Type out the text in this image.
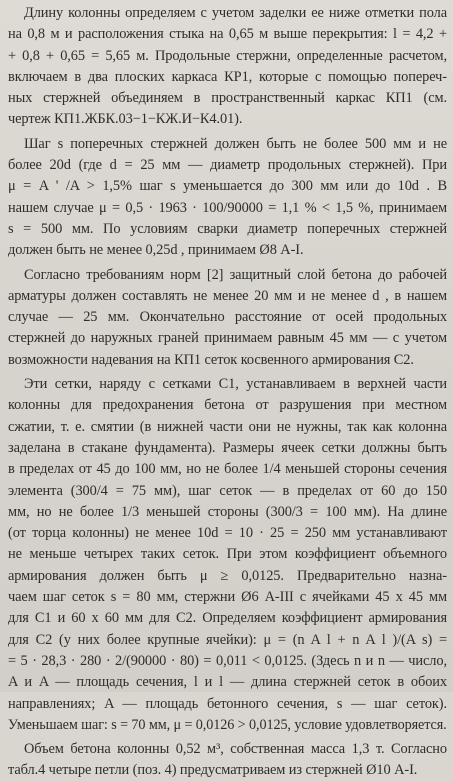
Длину колонны определяем с учетом заделки ее ниже отметки пола
на 0,8 м и расположения стыка на 0,65 м выше перекрытия: l = 4,2 +
+ 0,8 + 0,65 = 5,65 м. Продольные стержни, определенные расчетом,
включаем в два плоских каркаса КР1, которые с помощью попереч-
ных стержней объединяем в пространственный каркас КП1 (см.
чертеж КП1.ЖБК.03−1−КЖ.И−К4.01).
Шаг s поперечных стержней должен быть не более 500 мм и не
более 20d (где d = 25 мм — диаметр продольных стержней). При
μ = A ' /A > 1,5% шаг s уменьшается до 300 мм или до 10d . В
нашем случае μ = 0,5 · 1963 · 100/90000 = 1,1 % < 1,5 %, принимаем
s = 500 мм. По условиям сварки диаметр поперечных стержней
должен быть не менее 0,25d , принимаем Ø8 А-I.
Согласно требованиям норм [2] защитный слой бетона до рабочей
арматуры должен составлять не менее 20 мм и не менее d , в нашем
случае — 25 мм. Окончательно расстояние от осей продольных
стержней до наружных граней принимаем равным 45 мм — с учетом
возможности надевания на КП1 сеток косвенного армирования С2.
Эти сетки, наряду с сетками С1, устанавливаем в верхней части
колонны для предохранения бетона от разрушения при местном
сжатии, т. е. смятии (в нижней части они не нужны, так как колонна
заделана в стакане фундамента). Размеры ячеек сетки должны быть
в пределах от 45 до 100 мм, но не более 1/4 меньшей стороны сечения
элемента (300/4 = 75 мм), шаг сеток — в пределах от 60 до 150
мм, но не более 1/3 меньшей стороны (300/3 = 100 мм). На длине
(от торца колонны) не менее 10d = 10 · 25 = 250 мм устанавливают
не меньше четырех таких сеток. При этом коэффициент объемного
армирования должен быть μ ≥ 0,0125. Предварительно назна-
чаем шаг сеток s = 80 мм, стержни Ø6 А-III с ячейками 45 х 45 мм
для С1 и 60 х 60 мм для С2. Определяем коэффициент армирования
для С2 (у них более крупные ячейки): μ = (n A l + n A l )/(A s) =
= 5 · 28,3 · 280 · 2/(90000 · 80) = 0,011 < 0,0125. (Здесь n и n — число,
A и A — площадь сечения, l и l — длина стержней сеток в обоих
направлениях; A — площадь бетонного сечения, s — шаг сеток).
Уменьшаем шаг: s = 70 мм, μ = 0,0126 > 0,0125, условие удовлетворяется.
Объем бетона колонны 0,52 м³, собственная масса 1,3 т. Согласно
табл.4 четыре петли (поз. 4) предусматриваем из стержней Ø10 А-I.
